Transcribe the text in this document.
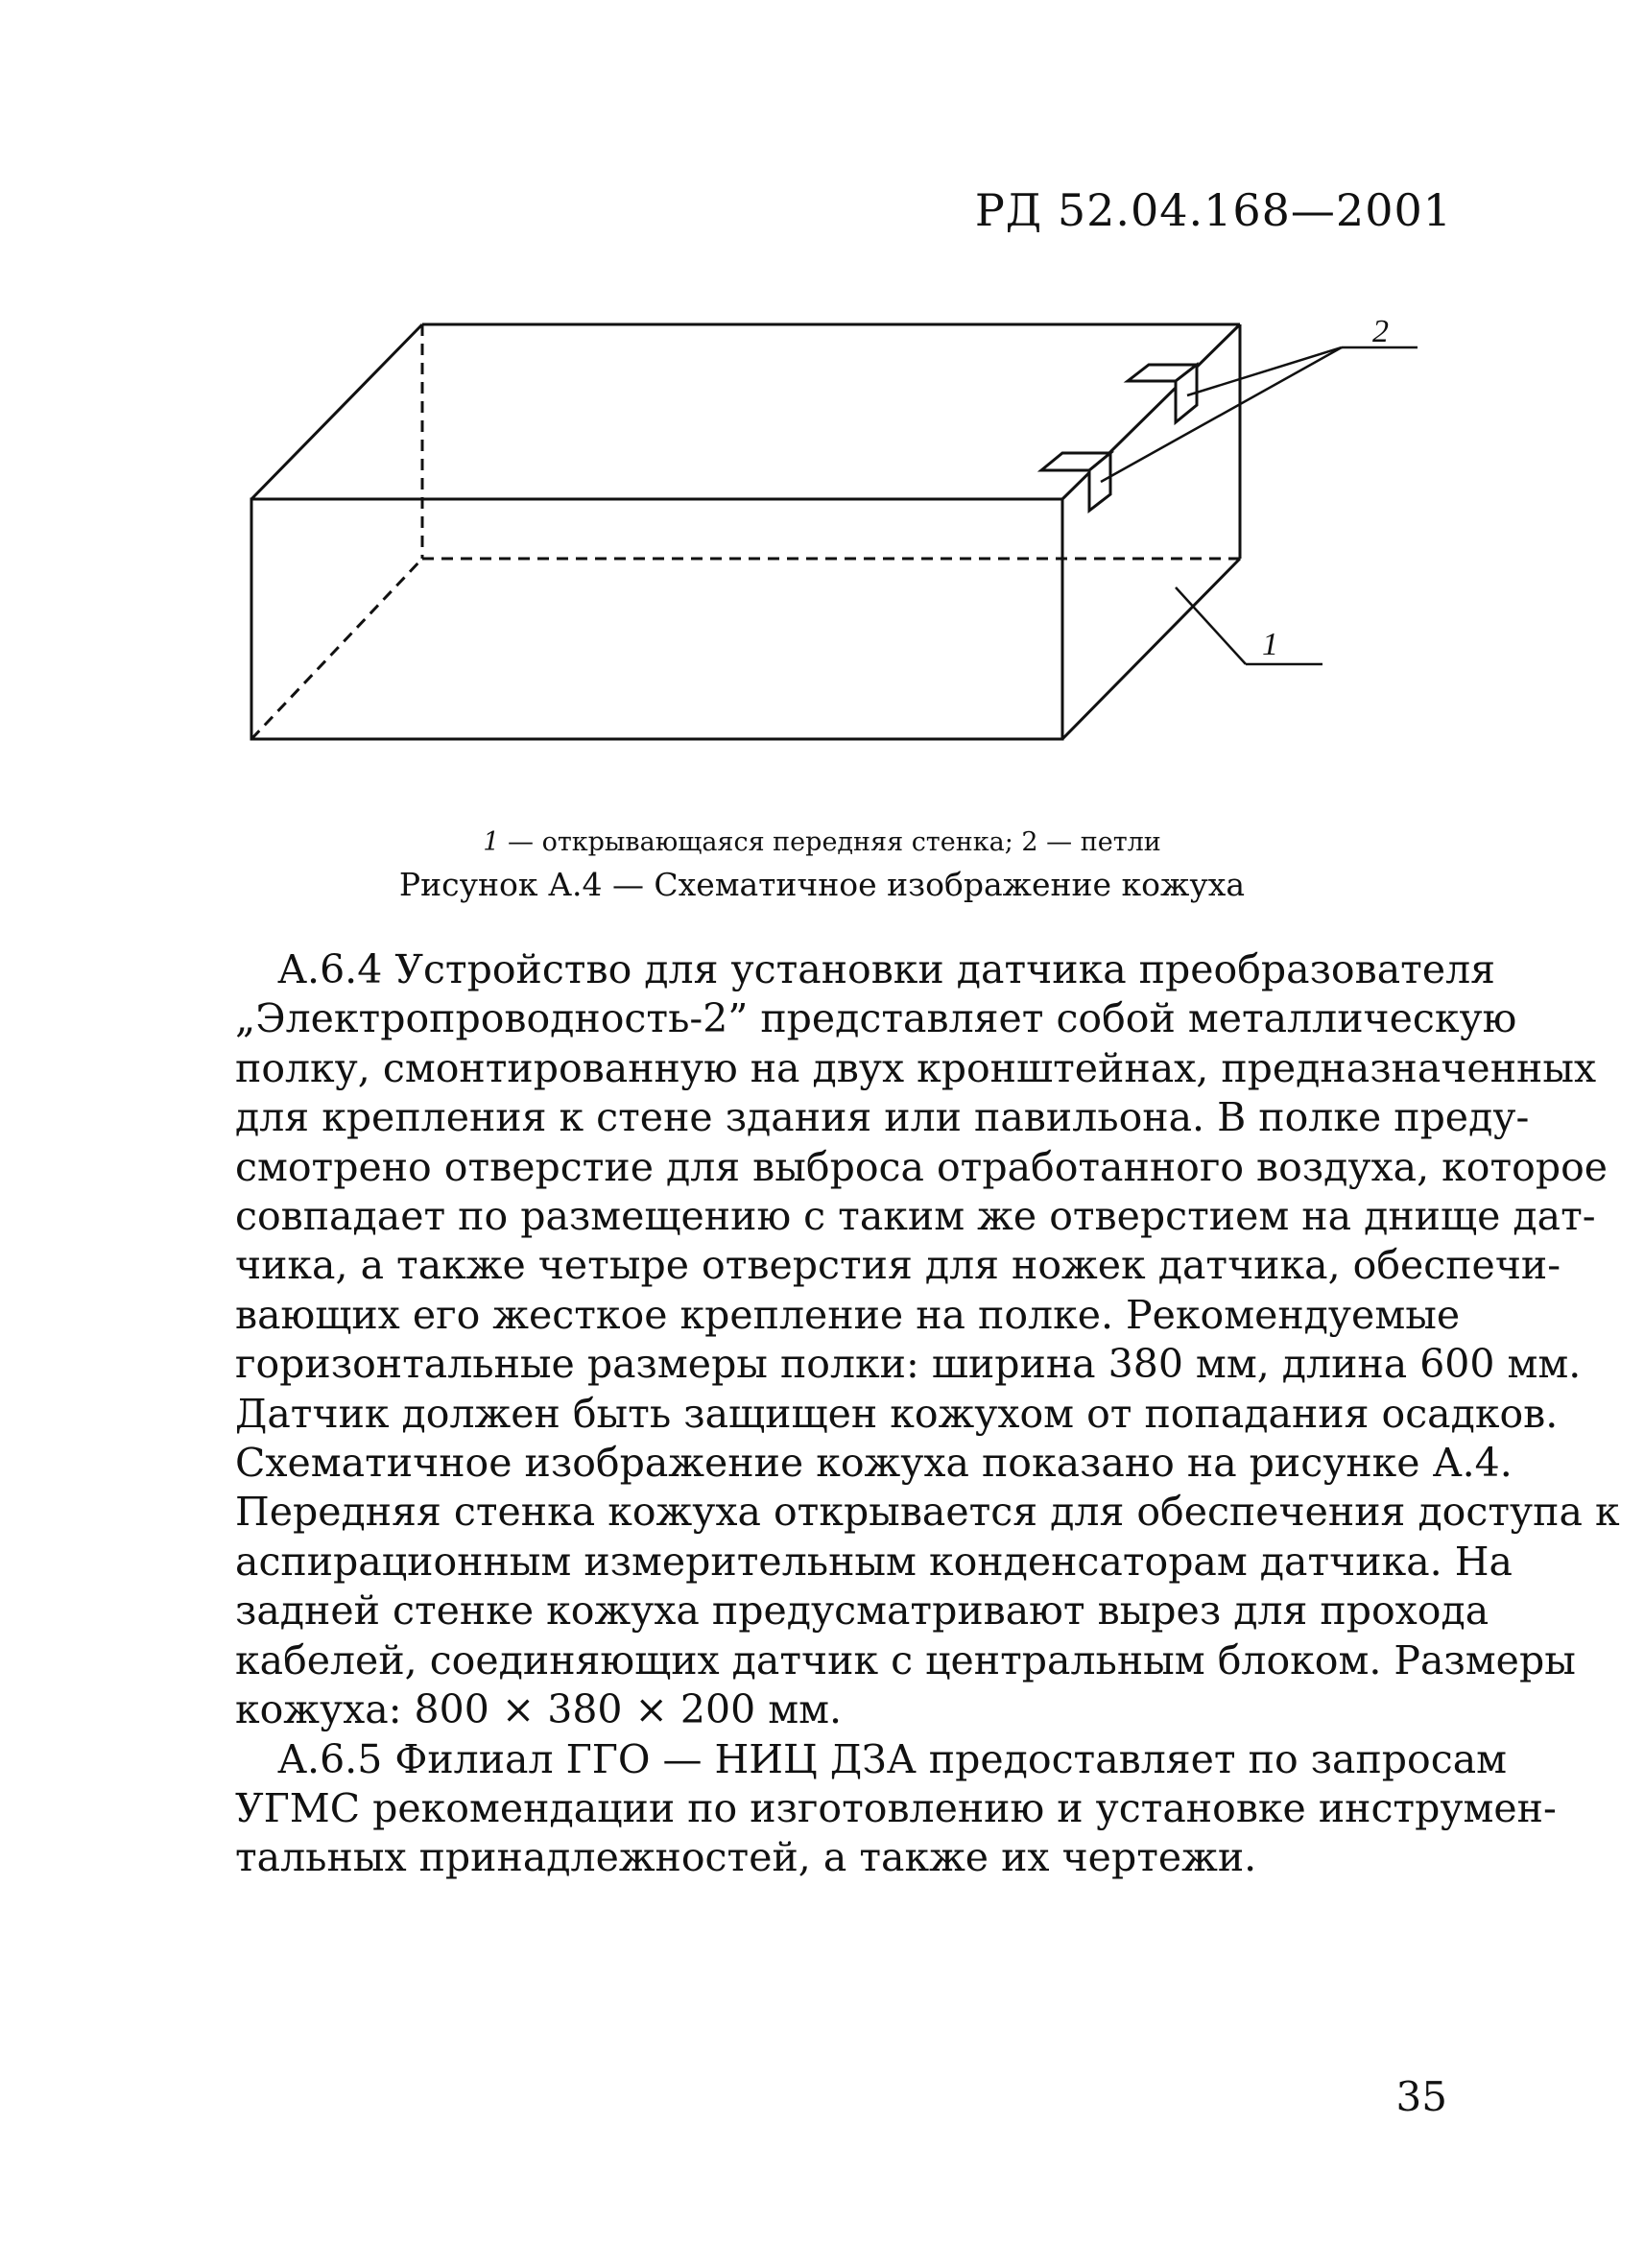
РД 52.04.168—2001
2
1
1 — открывающаяся передняя стенка; 2 — петли
Рисунок А.4 — Схематичное изображение кожуха

А.6.4 Устройство для установки датчика преобразователя
„Электропроводность-2” представляет собой металлическую
полку, смонтированную на двух кронштейнах, предназначенных
для крепления к стене здания или павильона. В полке преду-
смотрено отверстие для выброса отработанного воздуха, которое
совпадает по размещению с таким же отверстием на днище дат-
чика, а также четыре отверстия для ножек датчика, обеспечи-
вающих его жесткое крепление на полке. Рекомендуемые
горизонтальные размеры полки: ширина 380 мм, длина 600 мм.
Датчик должен быть защищен кожухом от попадания осадков.
Схематичное изображение кожуха показано на рисунке А.4.
Передняя стенка кожуха открывается для обеспечения доступа к
аспирационным измерительным конденсаторам датчика. На
задней стенке кожуха предусматривают вырез для прохода
кабелей, соединяющих датчик с центральным блоком. Размеры
кожуха: 800 × 380 × 200 мм.

А.6.5 Филиал ГГО — НИЦ ДЗА предоставляет по запросам
УГМС рекомендации по изготовлению и установке инструмен-
тальных принадлежностей, а также их чертежи.

35
